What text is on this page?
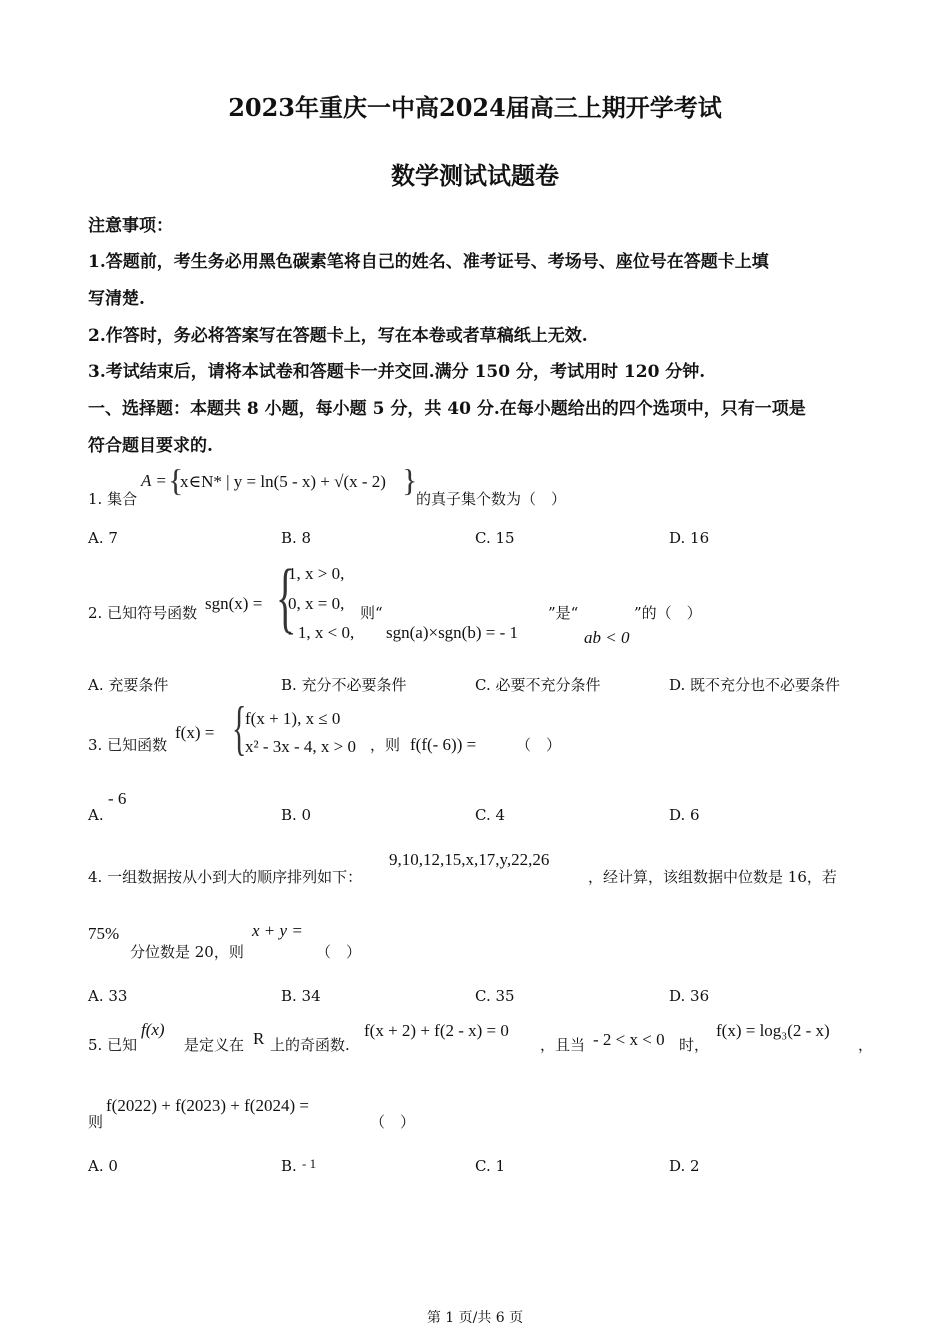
2023年重庆一中高2024届高三上期开学考试
数学测试试题卷
注意事项：
1.答题前，考生务必用黑色碳素笔将自己的姓名、准考证号、考场号、座位号在答题卡上填
写清楚.
2.作答时，务必将答案写在答题卡上，写在本卷或者草稿纸上无效.
3.考试结束后，请将本试卷和答题卡一并交回.满分 150 分，考试用时 120 分钟.
一、选择题：本题共 8 小题，每小题 5 分，共 40 分.在每小题给出的四个选项中，只有一项是
符合题目要求的.
1. 集合
A = {
x∈N* | y = ln(5 - x) + √(x - 2) }
的真子集个数为（　）
A. 7	B. 8	C. 15	D. 16
2. 已知符号函数 sgn(x) = {
1, x > 0,
0, x = 0,
- 1, x < 0,
则“
sgn(a)×sgn(b) = - 1
”是“
ab < 0
”的（　）
A. 充要条件	B. 充分不必要条件	C. 必要不充分条件	D. 既不充分也不必要条件
3. 已知函数
f(x) = {
f(x + 1), x ≤ 0
x² - 3x - 4, x > 0 ，则 f(f(- 6)) =	（　）
A.
- 6
B. 0	C. 4	D. 6
4. 一组数据按从小到大的顺序排列如下：
9,10,12,15,x,17,y,22,26
，经计算，该组数据中位数是 16，若
75%
分位数是 20，则
x + y =
（　）
A. 33	B. 34	C. 35	D. 36
5. 已知
f(x)
是定义在 R 上的奇函数.
f(x + 2) + f(2 - x) = 0
，且当 - 2 < x < 0 时，
f(x) = log₃(2 - x)
，
则
f(2022) + f(2023) + f(2024) =
（　）
A. 0	B. - 1	C. 1	D. 2
第 1 页/共 6 页
